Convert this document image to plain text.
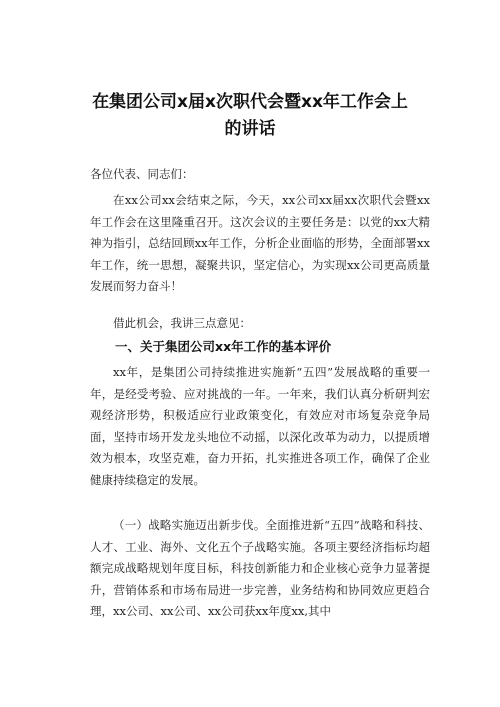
在集团公司x届x次职代会暨xx年工作会上
的讲话

各位代表、同志们：

在xx公司xx会结束之际，今天，xx公司xx届xx次职代会暨xx年工作会在这里隆重召开。这次会议的主要任务是：以党的xx大精神为指引，总结回顾xx年工作，分析企业面临的形势，全面部署xx年工作，统一思想，凝聚共识，坚定信心，为实现xx公司更高质量发展而努力奋斗！

借此机会，我讲三点意见：

一、关于集团公司xx年工作的基本评价

xx年，是集团公司持续推进实施新“五四”发展战略的重要一年，是经受考验、应对挑战的一年。一年来，我们认真分析研判宏观经济形势，积极适应行业政策变化，有效应对市场复杂竞争局面，坚持市场开发龙头地位不动摇，以深化改革为动力，以提质增效为根本，攻坚克难，奋力开拓，扎实推进各项工作，确保了企业健康持续稳定的发展。

（一）战略实施迈出新步伐。全面推进新“五四”战略和科技、人才、工业、海外、文化五个子战略实施。各项主要经济指标均超额完成战略规划年度目标，科技创新能力和企业核心竞争力显著提升，营销体系和市场布局进一步完善，业务结构和协同效应更趋合理，xx公司、xx公司、xx公司获xx年度xx,其中
